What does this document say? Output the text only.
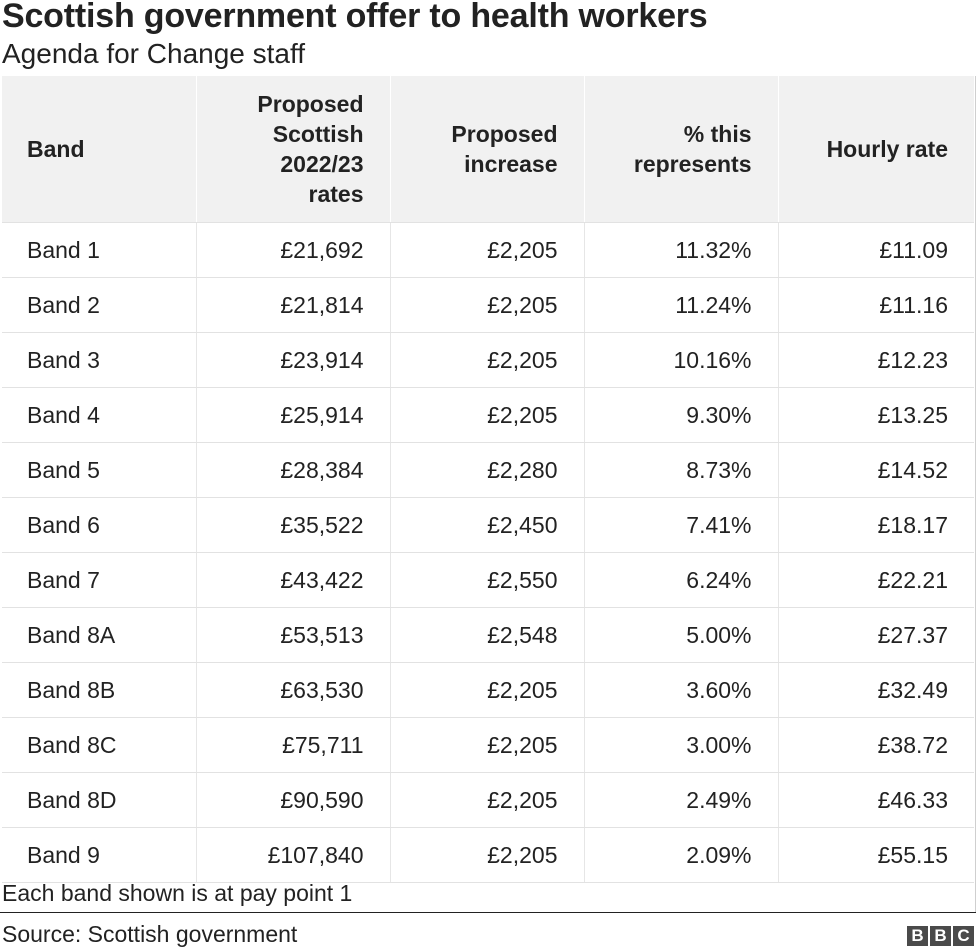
Scottish government offer to health workers
Agenda for Change staff
Band	Proposed Scottish 2022/23 rates	Proposed increase	% this represents	Hourly rate
Band 1	£21,692	£2,205	11.32%	£11.09
Band 2	£21,814	£2,205	11.24%	£11.16
Band 3	£23,914	£2,205	10.16%	£12.23
Band 4	£25,914	£2,205	9.30%	£13.25
Band 5	£28,384	£2,280	8.73%	£14.52
Band 6	£35,522	£2,450	7.41%	£18.17
Band 7	£43,422	£2,550	6.24%	£22.21
Band 8A	£53,513	£2,548	5.00%	£27.37
Band 8B	£63,530	£2,205	3.60%	£32.49
Band 8C	£75,711	£2,205	3.00%	£38.72
Band 8D	£90,590	£2,205	2.49%	£46.33
Band 9	£107,840	£2,205	2.09%	£55.15
Each band shown is at pay point 1
Source: Scottish government	B B C
